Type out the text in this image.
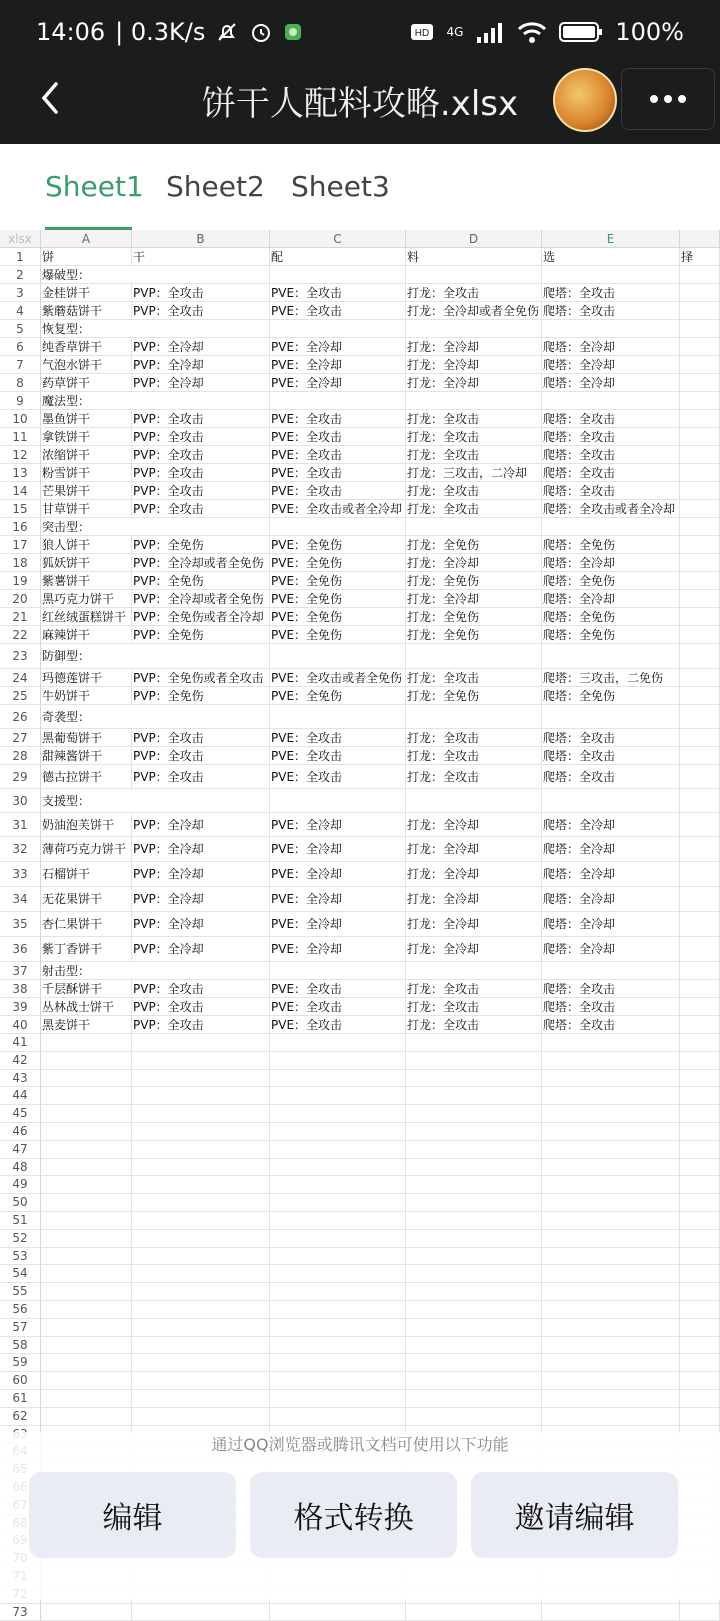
14:06 | 0.3K/s	HD 4G	100%
饼干人配料攻略.xlsx
Sheet1 Sheet2 Sheet3
xlsx	A	B	C	D	E
1	饼	干	配	料	选	择
2	爆破型：
3	金桂饼干	PVP：全攻击	PVE：全攻击	打龙：全攻击	爬塔：全攻击
4	紫蘑菇饼干	PVP：全攻击	PVE：全攻击	打龙：全冷却或者全免伤 爬塔：全攻击
5	恢复型：
6	纯香草饼干	PVP：全冷却	PVE：全冷却	打龙：全冷却	爬塔：全冷却
7	气泡水饼干	PVP：全冷却	PVE：全冷却	打龙：全冷却	爬塔：全冷却
8	药草饼干	PVP：全冷却	PVE：全冷却	打龙：全冷却	爬塔：全冷却
9	魔法型：
10	墨鱼饼干	PVP：全攻击	PVE：全攻击	打龙：全攻击	爬塔：全攻击
11	拿铁饼干	PVP：全攻击	PVE：全攻击	打龙：全攻击	爬塔：全攻击
12	浓缩饼干	PVP：全攻击	PVE：全攻击	打龙：全攻击	爬塔：全攻击
13	粉雪饼干	PVP：全攻击	PVE：全攻击	打龙：三攻击，二冷却	爬塔：全攻击
14	芒果饼干	PVP：全攻击	PVE：全攻击	打龙：全攻击	爬塔：全攻击
15	甘草饼干	PVP：全攻击	PVE：全攻击或者全冷却 打龙：全攻击	爬塔：全攻击或者全冷却
16	突击型：
17	狼人饼干	PVP：全免伤	PVE：全免伤	打龙：全免伤	爬塔：全免伤
18	狐妖饼干	PVP：全冷却或者全免伤 PVE：全免伤	打龙：全冷却	爬塔：全冷却
19	紫薯饼干	PVP：全免伤	PVE：全免伤	打龙：全免伤	爬塔：全免伤
20	黑巧克力饼干	PVP：全冷却或者全免伤 PVE：全免伤	打龙：全冷却	爬塔：全冷却
21	红丝绒蛋糕饼干 PVP：全免伤或者全冷却 PVE：全免伤	打龙：全免伤	爬塔：全免伤
22	麻辣饼干	PVP：全免伤	PVE：全免伤	打龙：全免伤	爬塔：全免伤
23	防御型：
24	玛德莲饼干	PVP：全免伤或者全攻击 PVE：全攻击或者全免伤 打龙：全攻击	爬塔：三攻击，二免伤
25	牛奶饼干	PVP：全免伤	PVE：全免伤	打龙：全免伤	爬塔：全免伤
26	奇袭型：
27	黑葡萄饼干	PVP：全攻击	PVE：全攻击	打龙：全攻击	爬塔：全攻击
28	甜辣酱饼干	PVP：全攻击	PVE：全攻击	打龙：全攻击	爬塔：全攻击
29	德古拉饼干	PVP：全攻击	PVE：全攻击	打龙：全攻击	爬塔：全攻击
30	支援型：
31	奶油泡芙饼干	PVP：全冷却	PVE：全冷却	打龙：全冷却	爬塔：全冷却
32	薄荷巧克力饼干 PVP：全冷却	PVE：全冷却	打龙：全冷却	爬塔：全冷却
33	石榴饼干	PVP：全冷却	PVE：全冷却	打龙：全冷却	爬塔：全冷却
34	无花果饼干	PVP：全冷却	PVE：全冷却	打龙：全冷却	爬塔：全冷却
35	杏仁果饼干	PVP：全冷却	PVE：全冷却	打龙：全冷却	爬塔：全冷却
36	紫丁香饼干	PVP：全冷却	PVE：全冷却	打龙：全冷却	爬塔：全冷却
37	射击型：
38	千层酥饼干	PVP：全攻击	PVE：全攻击	打龙：全攻击	爬塔：全攻击
39	丛林战士饼干	PVP：全攻击	PVE：全攻击	打龙：全攻击	爬塔：全攻击
40	黑麦饼干	PVP：全攻击	PVE：全攻击	打龙：全攻击	爬塔：全攻击
41
42
43
44
45
46
47
48
49
50
51
52
53
54
55
56
57
58
59
60
61
62
73
通过QQ浏览器或腾讯文档可使用以下功能
编辑	格式转换	邀请编辑
